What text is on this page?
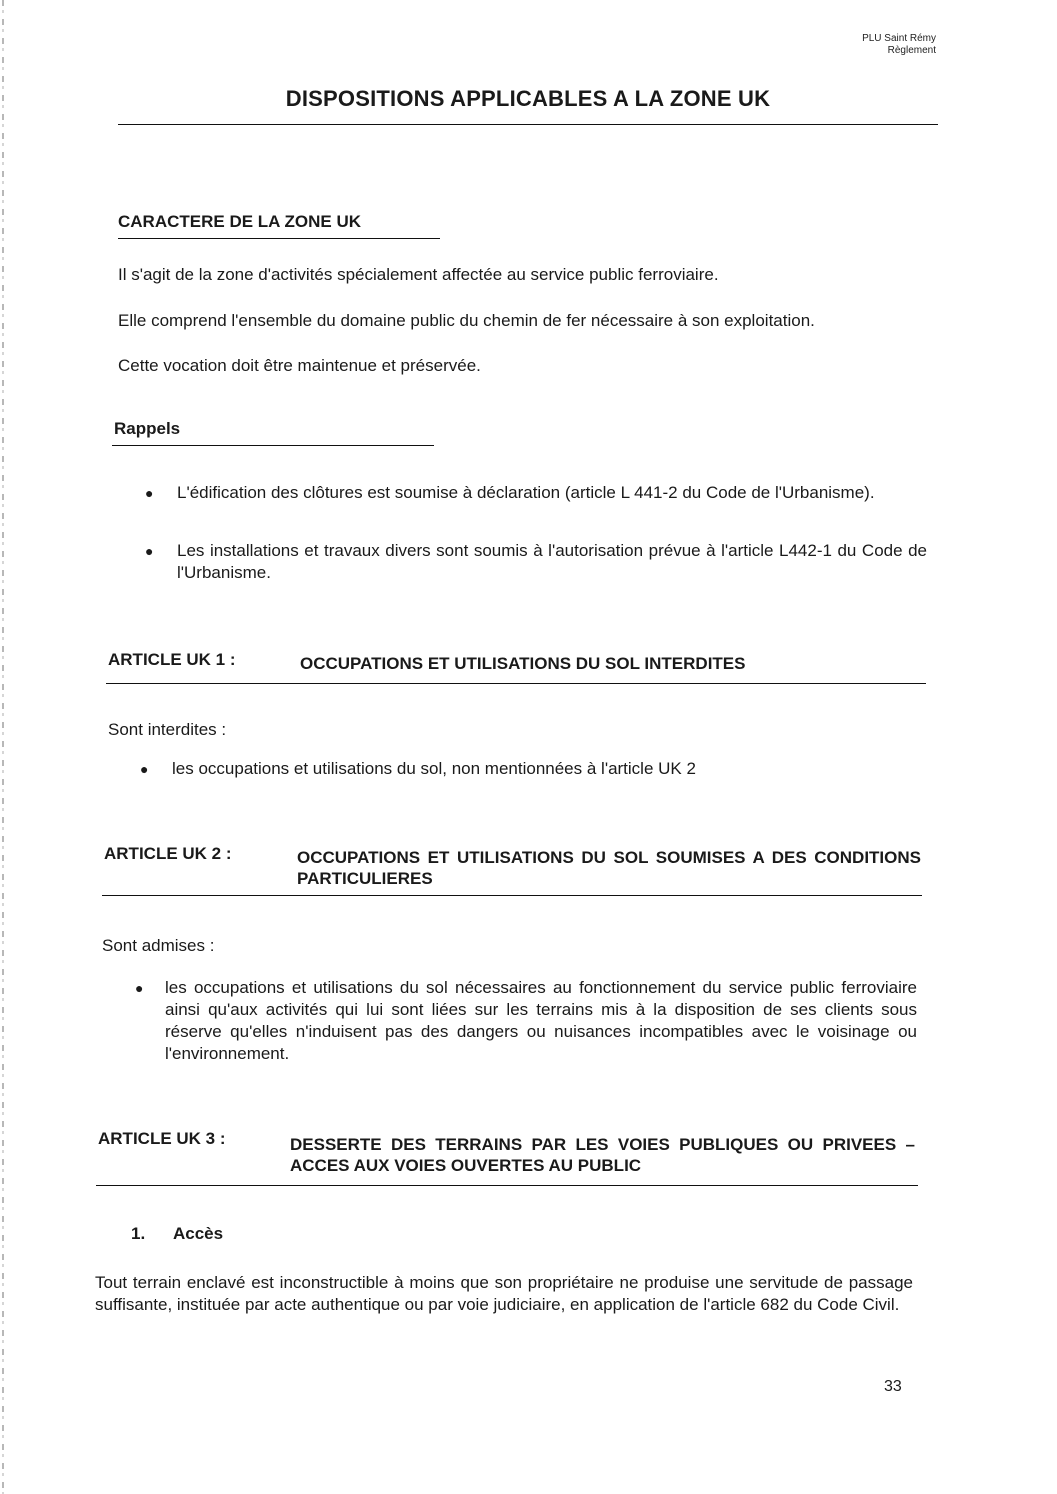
PLU Saint Rémy
Règlement
DISPOSITIONS APPLICABLES A LA ZONE UK
CARACTERE DE LA ZONE UK

Il s'agit de la zone d'activités spécialement affectée au service public ferroviaire.

Elle comprend l'ensemble du domaine public du chemin de fer nécessaire à son exploitation.

Cette vocation doit être maintenue et préservée.

Rappels
●	L'édification des clôtures est soumise à déclaration (article L 441-2 du Code de l'Urbanisme).

●	Les installations et travaux divers sont soumis à l'autorisation prévue à l'article L442-1 du Code de l'Urbanisme.

ARTICLE UK 1 :	OCCUPATIONS ET UTILISATIONS DU SOL INTERDITES

Sont interdites :

●	les occupations et utilisations du sol, non mentionnées à l'article UK 2

ARTICLE UK 2 :	OCCUPATIONS ET UTILISATIONS DU SOL SOUMISES A DES CONDITIONS PARTICULIERES

Sont admises :

●	les occupations et utilisations du sol nécessaires au fonctionnement du service public ferroviaire ainsi qu'aux activités qui lui sont liées sur les terrains mis à la disposition de ses clients sous réserve qu'elles n'induisent pas des dangers ou nuisances incompatibles avec le voisinage ou l'environnement.

ARTICLE UK 3 :	DESSERTE DES TERRAINS PAR LES VOIES PUBLIQUES OU PRIVEES – ACCES AUX VOIES OUVERTES AU PUBLIC
1. Accès

Tout terrain enclavé est inconstructible à moins que son propriétaire ne produise une servitude de passage suffisante, instituée par acte authentique ou par voie judiciaire, en application de l'article 682 du Code Civil.

33
